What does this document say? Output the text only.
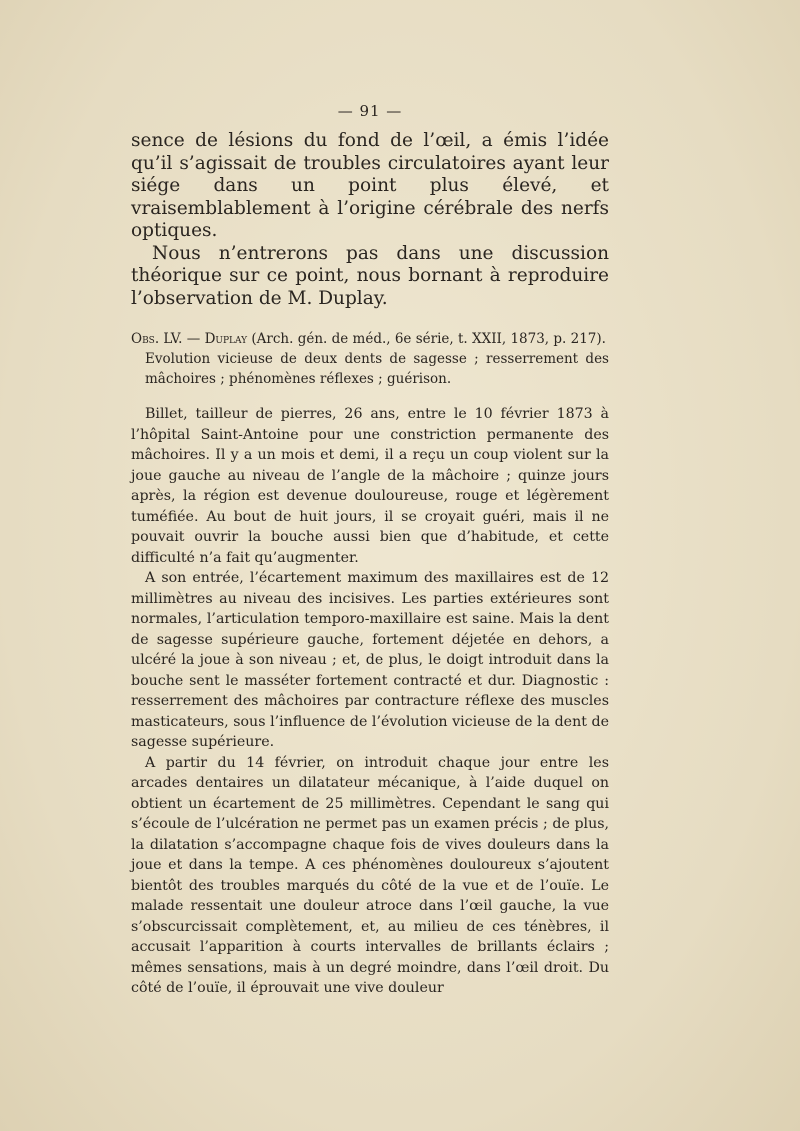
— 91 —

sence de lésions du fond de l’œil, a émis l’idée qu’il s’agissait de troubles circulatoires ayant leur siége dans un point plus élevé, et vraisemblablement à l’origine cérébrale des nerfs optiques.

Nous n’entrerons pas dans une discussion théorique sur ce point, nous bornant à reproduire l’observation de M. Duplay.

Obs. LV. — Duplay (Arch. gén. de méd., 6e série, t. XXII, 1873, p. 217).
Evolution vicieuse de deux dents de sagesse ; resserrement des mâchoires ; phénomènes réflexes ; guérison.

Billet, tailleur de pierres, 26 ans, entre le 10 février 1873 à l’hôpital Saint-Antoine pour une constriction permanente des mâchoires. Il y a un mois et demi, il a reçu un coup violent sur la joue gauche au niveau de l’angle de la mâchoire ; quinze jours après, la région est devenue douloureuse, rouge et légèrement tuméfiée. Au bout de huit jours, il se croyait guéri, mais il ne pouvait ouvrir la bouche aussi bien que d’habitude, et cette difficulté n’a fait qu’augmenter.

A son entrée, l’écartement maximum des maxillaires est de 12 millimètres au niveau des incisives. Les parties extérieures sont normales, l’articulation temporo-maxillaire est saine. Mais la dent de sagesse supérieure gauche, fortement déjetée en dehors, a ulcéré la joue à son niveau ; et, de plus, le doigt introduit dans la bouche sent le masséter fortement contracté et dur. Diagnostic : resserrement des mâchoires par contracture réflexe des muscles masticateurs, sous l’influence de l’évolution vicieuse de la dent de sagesse supérieure.

A partir du 14 février, on introduit chaque jour entre les arcades dentaires un dilatateur mécanique, à l’aide duquel on obtient un écartement de 25 millimètres. Cependant le sang qui s’écoule de l’ulcération ne permet pas un examen précis ; de plus, la dilatation s’accompagne chaque fois de vives douleurs dans la joue et dans la tempe. A ces phénomènes douloureux s’ajoutent bientôt des troubles marqués du côté de la vue et de l’ouïe. Le malade ressentait une douleur atroce dans l’œil gauche, la vue s’obscurcissait complètement, et, au milieu de ces ténèbres, il accusait l’apparition à courts intervalles de brillants éclairs ; mêmes sensations, mais à un degré moindre, dans l’œil droit. Du côté de l’ouïe, il éprouvait une vive douleur
